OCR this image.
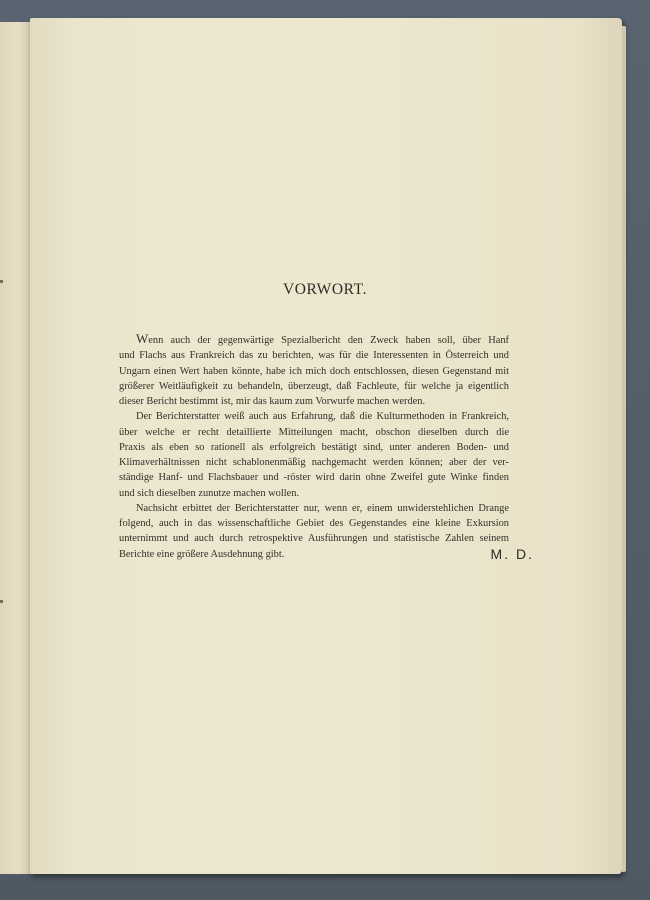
VORWORT.

Wenn auch der gegenwärtige Spezialbericht den Zweck haben soll, über Hanf
und Flachs aus Frankreich das zu berichten, was für die Interessenten in Österreich und
Ungarn einen Wert haben könnte, habe ich mich doch entschlossen, diesen Gegenstand mit
größerer Weitläufigkeit zu behandeln, überzeugt, daß Fachleute, für welche ja eigentlich
dieser Bericht bestimmt ist, mir das kaum zum Vorwurfe machen werden.

Der Berichterstatter weiß auch aus Erfahrung, daß die Kulturmethoden in Frankreich,
über welche er recht detaillierte Mitteilungen macht, obschon dieselben durch die
Praxis als eben so rationell als erfolgreich bestätigt sind, unter anderen Boden- und
Klimaverhältnissen nicht schablonenmäßig nachgemacht werden können; aber der ver-
ständige Hanf- und Flachsbauer und -röster wird darin ohne Zweifel gute Winke finden
und sich dieselben zunutze machen wollen.

Nachsicht erbittet der Berichterstatter nur, wenn er, einem unwiderstehlichen Drange
folgend, auch in das wissenschaftliche Gebiet des Gegenstandes eine kleine Exkursion
unternimmt und auch durch retrospektive Ausführungen und statistische Zahlen seinem
Berichte eine größere Ausdehnung gibt.	M. D.
